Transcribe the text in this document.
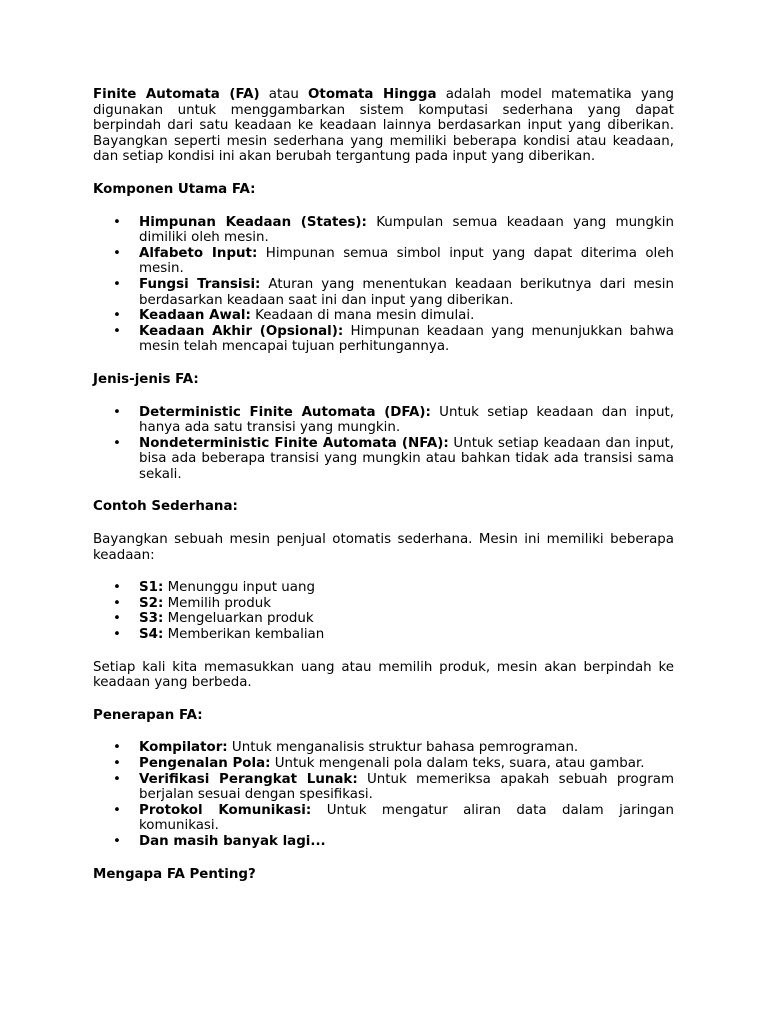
Finite Automata (FA) atau Otomata Hingga adalah model matematika yang digunakan untuk menggambarkan sistem komputasi sederhana yang dapat berpindah dari satu keadaan ke keadaan lainnya berdasarkan input yang diberikan. Bayangkan seperti mesin sederhana yang memiliki beberapa kondisi atau keadaan, dan setiap kondisi ini akan berubah tergantung pada input yang diberikan.

Komponen Utama FA:
• Himpunan Keadaan (States): Kumpulan semua keadaan yang mungkin dimiliki oleh mesin.
• Alfabeto Input: Himpunan semua simbol input yang dapat diterima oleh mesin.
• Fungsi Transisi: Aturan yang menentukan keadaan berikutnya dari mesin berdasarkan keadaan saat ini dan input yang diberikan.
• Keadaan Awal: Keadaan di mana mesin dimulai.
• Keadaan Akhir (Opsional): Himpunan keadaan yang menunjukkan bahwa mesin telah mencapai tujuan perhitungannya.
Jenis-jenis FA:
• Deterministic Finite Automata (DFA): Untuk setiap keadaan dan input, hanya ada satu transisi yang mungkin.
• Nondeterministic Finite Automata (NFA): Untuk setiap keadaan dan input, bisa ada beberapa transisi yang mungkin atau bahkan tidak ada transisi sama sekali.
Contoh Sederhana:

Bayangkan sebuah mesin penjual otomatis sederhana. Mesin ini memiliki beberapa keadaan:

• S1: Menunggu input uang
• S2: Memilih produk
• S3: Mengeluarkan produk
• S4: Memberikan kembalian

Setiap kali kita memasukkan uang atau memilih produk, mesin akan berpindah ke keadaan yang berbeda.

Penerapan FA:
• Kompilator: Untuk menganalisis struktur bahasa pemrograman.
• Pengenalan Pola: Untuk mengenali pola dalam teks, suara, atau gambar.
• Verifikasi Perangkat Lunak: Untuk memeriksa apakah sebuah program berjalan sesuai dengan spesifikasi.
• Protokol Komunikasi: Untuk mengatur aliran data dalam jaringan komunikasi.
• Dan masih banyak lagi...
Mengapa FA Penting?
